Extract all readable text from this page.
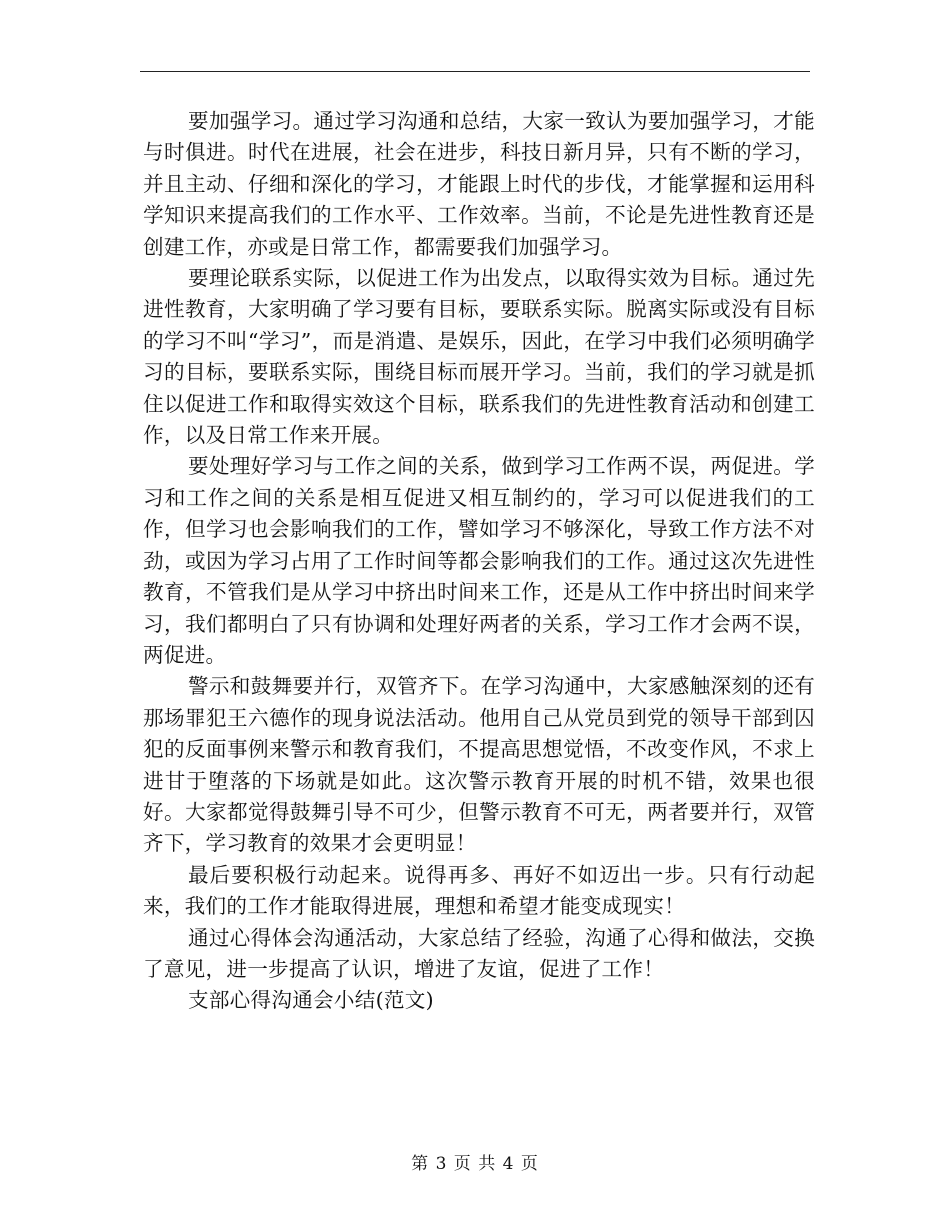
要加强学习。通过学习沟通和总结，大家一致认为要加强学习，才能与时俱进。时代在进展，社会在进步，科技日新月异，只有不断的学习，并且主动、仔细和深化的学习，才能跟上时代的步伐，才能掌握和运用科学知识来提高我们的工作水平、工作效率。当前，不论是先进性教育还是创建工作，亦或是日常工作，都需要我们加强学习。

要理论联系实际，以促进工作为出发点，以取得实效为目标。通过先进性教育，大家明确了学习要有目标，要联系实际。脱离实际或没有目标的学习不叫“学习”，而是消遣、是娱乐，因此，在学习中我们必须明确学习的目标，要联系实际，围绕目标而展开学习。当前，我们的学习就是抓住以促进工作和取得实效这个目标，联系我们的先进性教育活动和创建工作，以及日常工作来开展。

要处理好学习与工作之间的关系，做到学习工作两不误，两促进。学习和工作之间的关系是相互促进又相互制约的，学习可以促进我们的工作，但学习也会影响我们的工作，譬如学习不够深化，导致工作方法不对劲，或因为学习占用了工作时间等都会影响我们的工作。通过这次先进性教育，不管我们是从学习中挤出时间来工作，还是从工作中挤出时间来学习，我们都明白了只有协调和处理好两者的关系，学习工作才会两不误，两促进。

警示和鼓舞要并行，双管齐下。在学习沟通中，大家感触深刻的还有那场罪犯王六德作的现身说法活动。他用自己从党员到党的领导干部到囚犯的反面事例来警示和教育我们，不提高思想觉悟，不改变作风，不求上进甘于堕落的下场就是如此。这次警示教育开展的时机不错，效果也很好。大家都觉得鼓舞引导不可少，但警示教育不可无，两者要并行，双管齐下，学习教育的效果才会更明显！

最后要积极行动起来。说得再多、再好不如迈出一步。只有行动起来，我们的工作才能取得进展，理想和希望才能变成现实！

通过心得体会沟通活动，大家总结了经验，沟通了心得和做法，交换了意见，进一步提高了认识，增进了友谊，促进了工作！

支部心得沟通会小结(范文)

第 3 页 共 4 页
